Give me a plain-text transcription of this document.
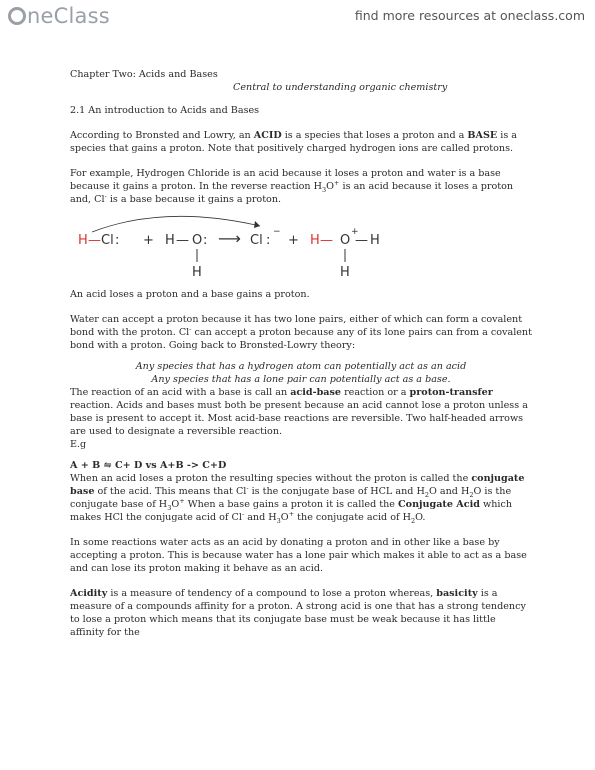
neClass	find more resources at oneclass.com

Chapter Two: Acids and Bases

Central to understanding organic chemistry

2.1 An introduction to Acids and Bases

According to Bronsted and Lowry, an ACID is a species that loses a proton and a BASE is a species that gains a proton. Note that positively charged hydrogen ions are called protons.

For example, Hydrogen Chloride is an acid because it loses a proton and water is a base because it gains a proton. In the reverse reaction $H_3O^+$ is an acid because it loses a proton and, Cl- is a base because it gains a proton.

H — Cl : + H — O :
H
⟶ Cl :
−
+ H — O
+
— H
H

An acid loses a proton and a base gains a proton.

Water can accept a proton because it has two lone pairs, either of which can form a covalent bond with the proton. Cl- can accept a proton because any of its lone pairs can from a covalent bond with a proton. Going back to Bronsted-Lowry theory:

Any species that has a hydrogen atom can potentially act as an acid

Any species that has a lone pair can potentially act as a base.

The reaction of an acid with a base is call an acid-base reaction or a proton-transfer reaction. Acids and bases must both be present because an acid cannot lose a proton unless a base is present to accept it. Most acid-base reactions are reversible. Two half-headed arrows are used to designate a reversible reaction.

E.g

A + B ⇋ C+ D vs A+B -> C+D

When an acid loses a proton the resulting species without the proton is called the conjugate base of the acid. This means that Cl- is the conjugate base of HCL and $H_2O$ and $H_2O$ is the conjugate base of $H_3O^+$ When a base gains a proton it is called the Conjugate Acid which makes HCl the conjugate acid of Cl- and $H_3O^+$ the conjugate acid of $H_2O$.

In some reactions water acts as an acid by donating a proton and in other like a base by accepting a proton. This is because water has a lone pair which makes it able to act as a base and can lose its proton making it behave as an acid.

Acidity is a measure of tendency of a compound to lose a proton whereas, basicity is a measure of a compounds affinity for a proton. A strong acid is one that has a strong tendency to lose a proton which means that its conjugate base must be weak because it has little affinity for the
